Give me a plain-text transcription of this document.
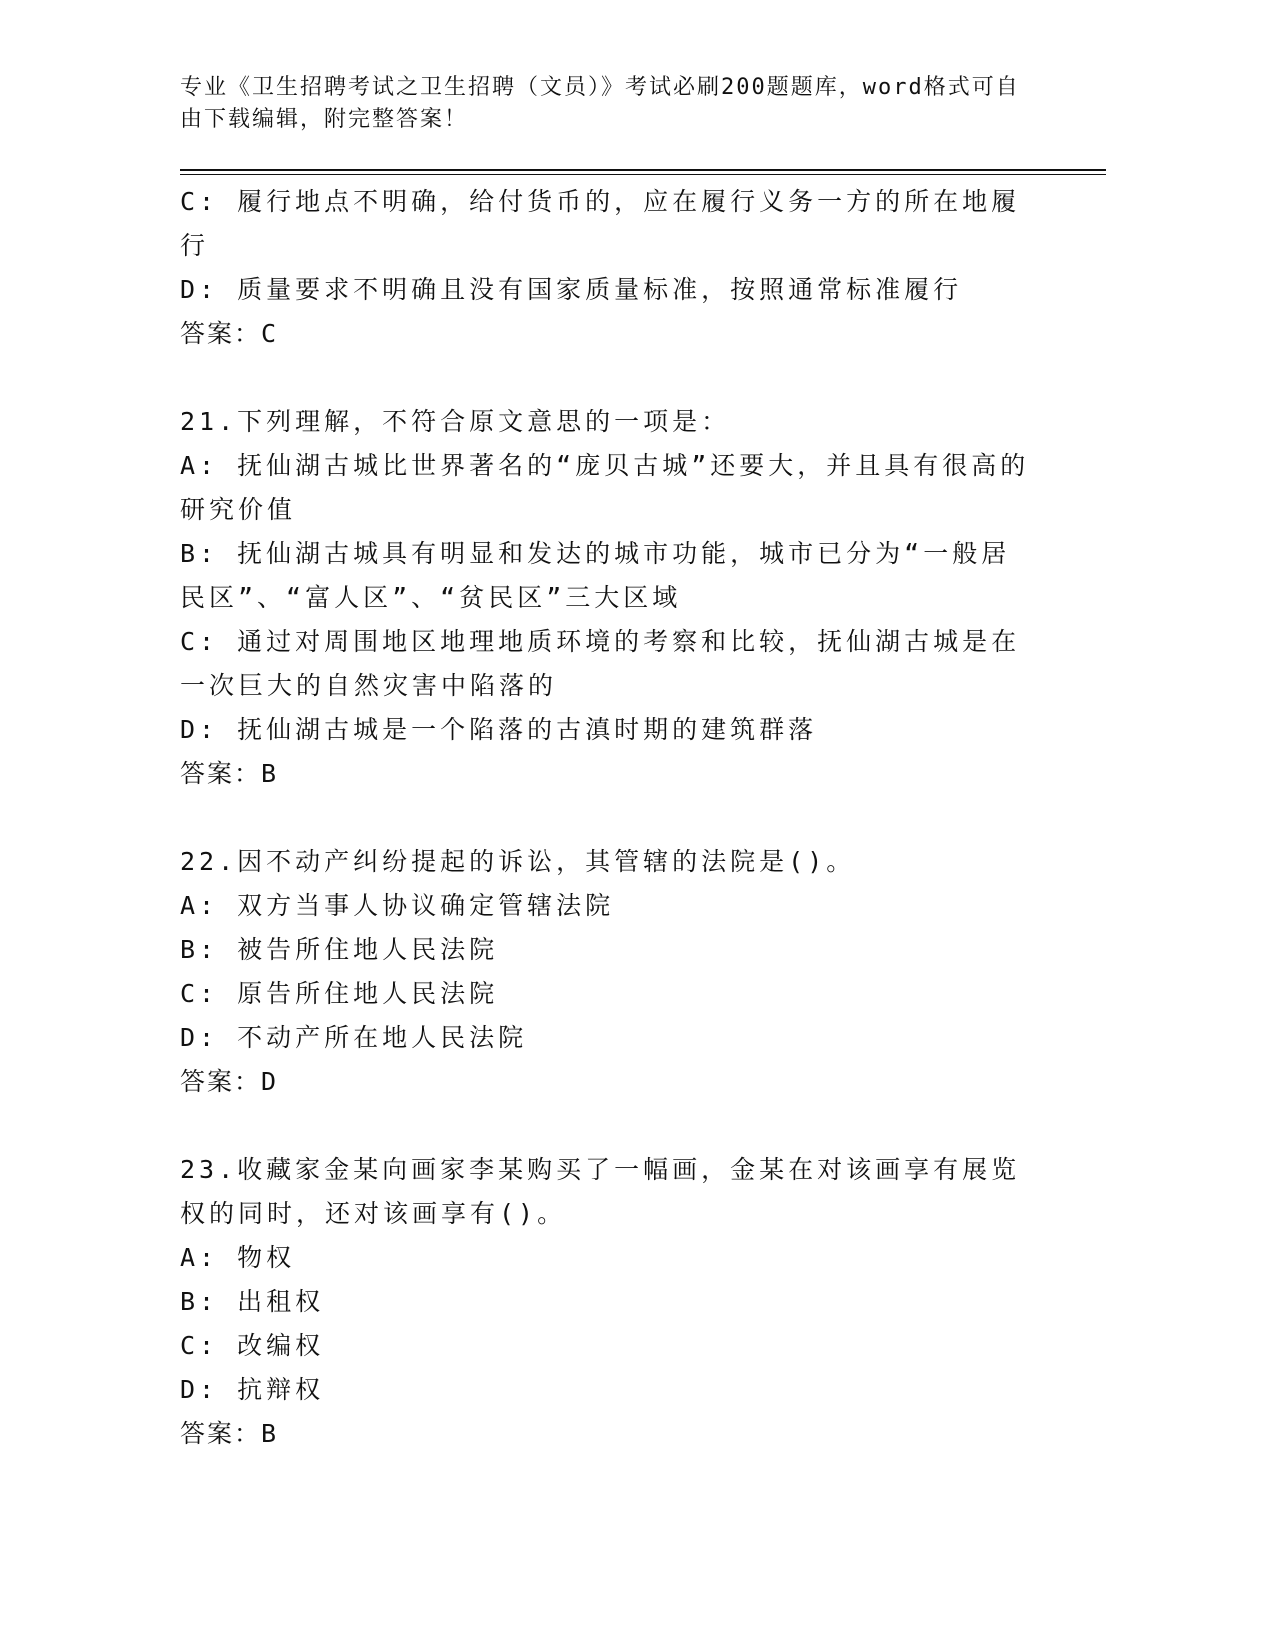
专业《卫生招聘考试之卫生招聘（文员）》考试必刷200题题库，word格式可自由下载编辑，附完整答案！

C: 履行地点不明确，给付货币的，应在履行义务一方的所在地履行

D: 质量要求不明确且没有国家质量标准，按照通常标准履行

答案：C

21.下列理解，不符合原文意思的一项是：

A: 抚仙湖古城比世界著名的“庞贝古城”还要大，并且具有很高的研究价值

B: 抚仙湖古城具有明显和发达的城市功能，城市已分为“一般居民区”、“富人区”、“贫民区”三大区域

C: 通过对周围地区地理地质环境的考察和比较，抚仙湖古城是在一次巨大的自然灾害中陷落的

D: 抚仙湖古城是一个陷落的古滇时期的建筑群落

答案：B

22.因不动产纠纷提起的诉讼，其管辖的法院是()。

A: 双方当事人协议确定管辖法院

B: 被告所住地人民法院

C: 原告所住地人民法院

D: 不动产所在地人民法院

答案：D

23.收藏家金某向画家李某购买了一幅画，金某在对该画享有展览权的同时，还对该画享有()。

A: 物权

B: 出租权

C: 改编权

D: 抗辩权

答案：B
